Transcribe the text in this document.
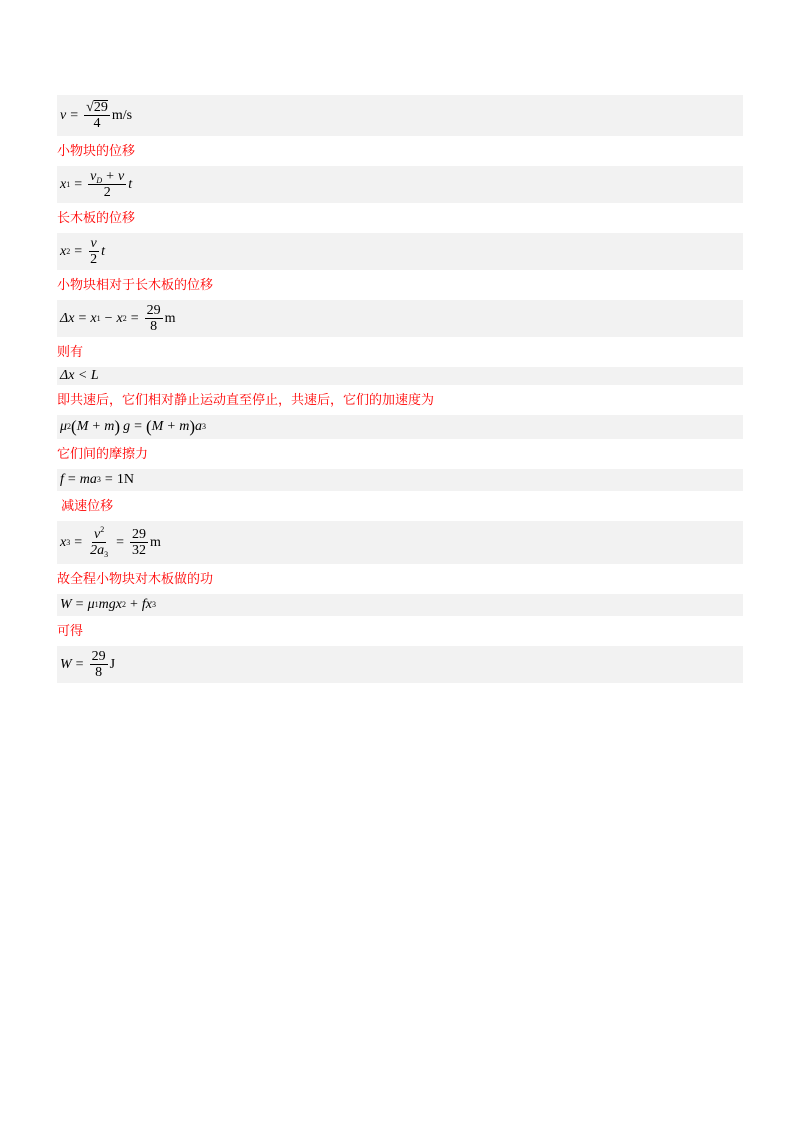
$v = \frac{√ 29}{4} m/s$
小物块的位移
x $1 = \frac{v_D + v}{2}$ t
长木板的位移
x $2 = \frac{v}{2}$ t
小物块相对于长木板的位移
Δx = x 1 − x $2 = \frac{29}{8}$ m
则有
Δx < L
即共速后，它们相对静止运动直至停止，共速后，它们的加速度为
μ 2 ( M + m ) g = ( M + m ) a 3
它们间的摩擦力
f = ma 3 = 1N
减速位移
x $3 = \frac{v^2}{2a_3} = \frac{29}{32}$ m
故全程小物块对木板做的功
W = μ 1 mgx 2 + fx 3
可得
$W = \frac{29}{8}$ J
